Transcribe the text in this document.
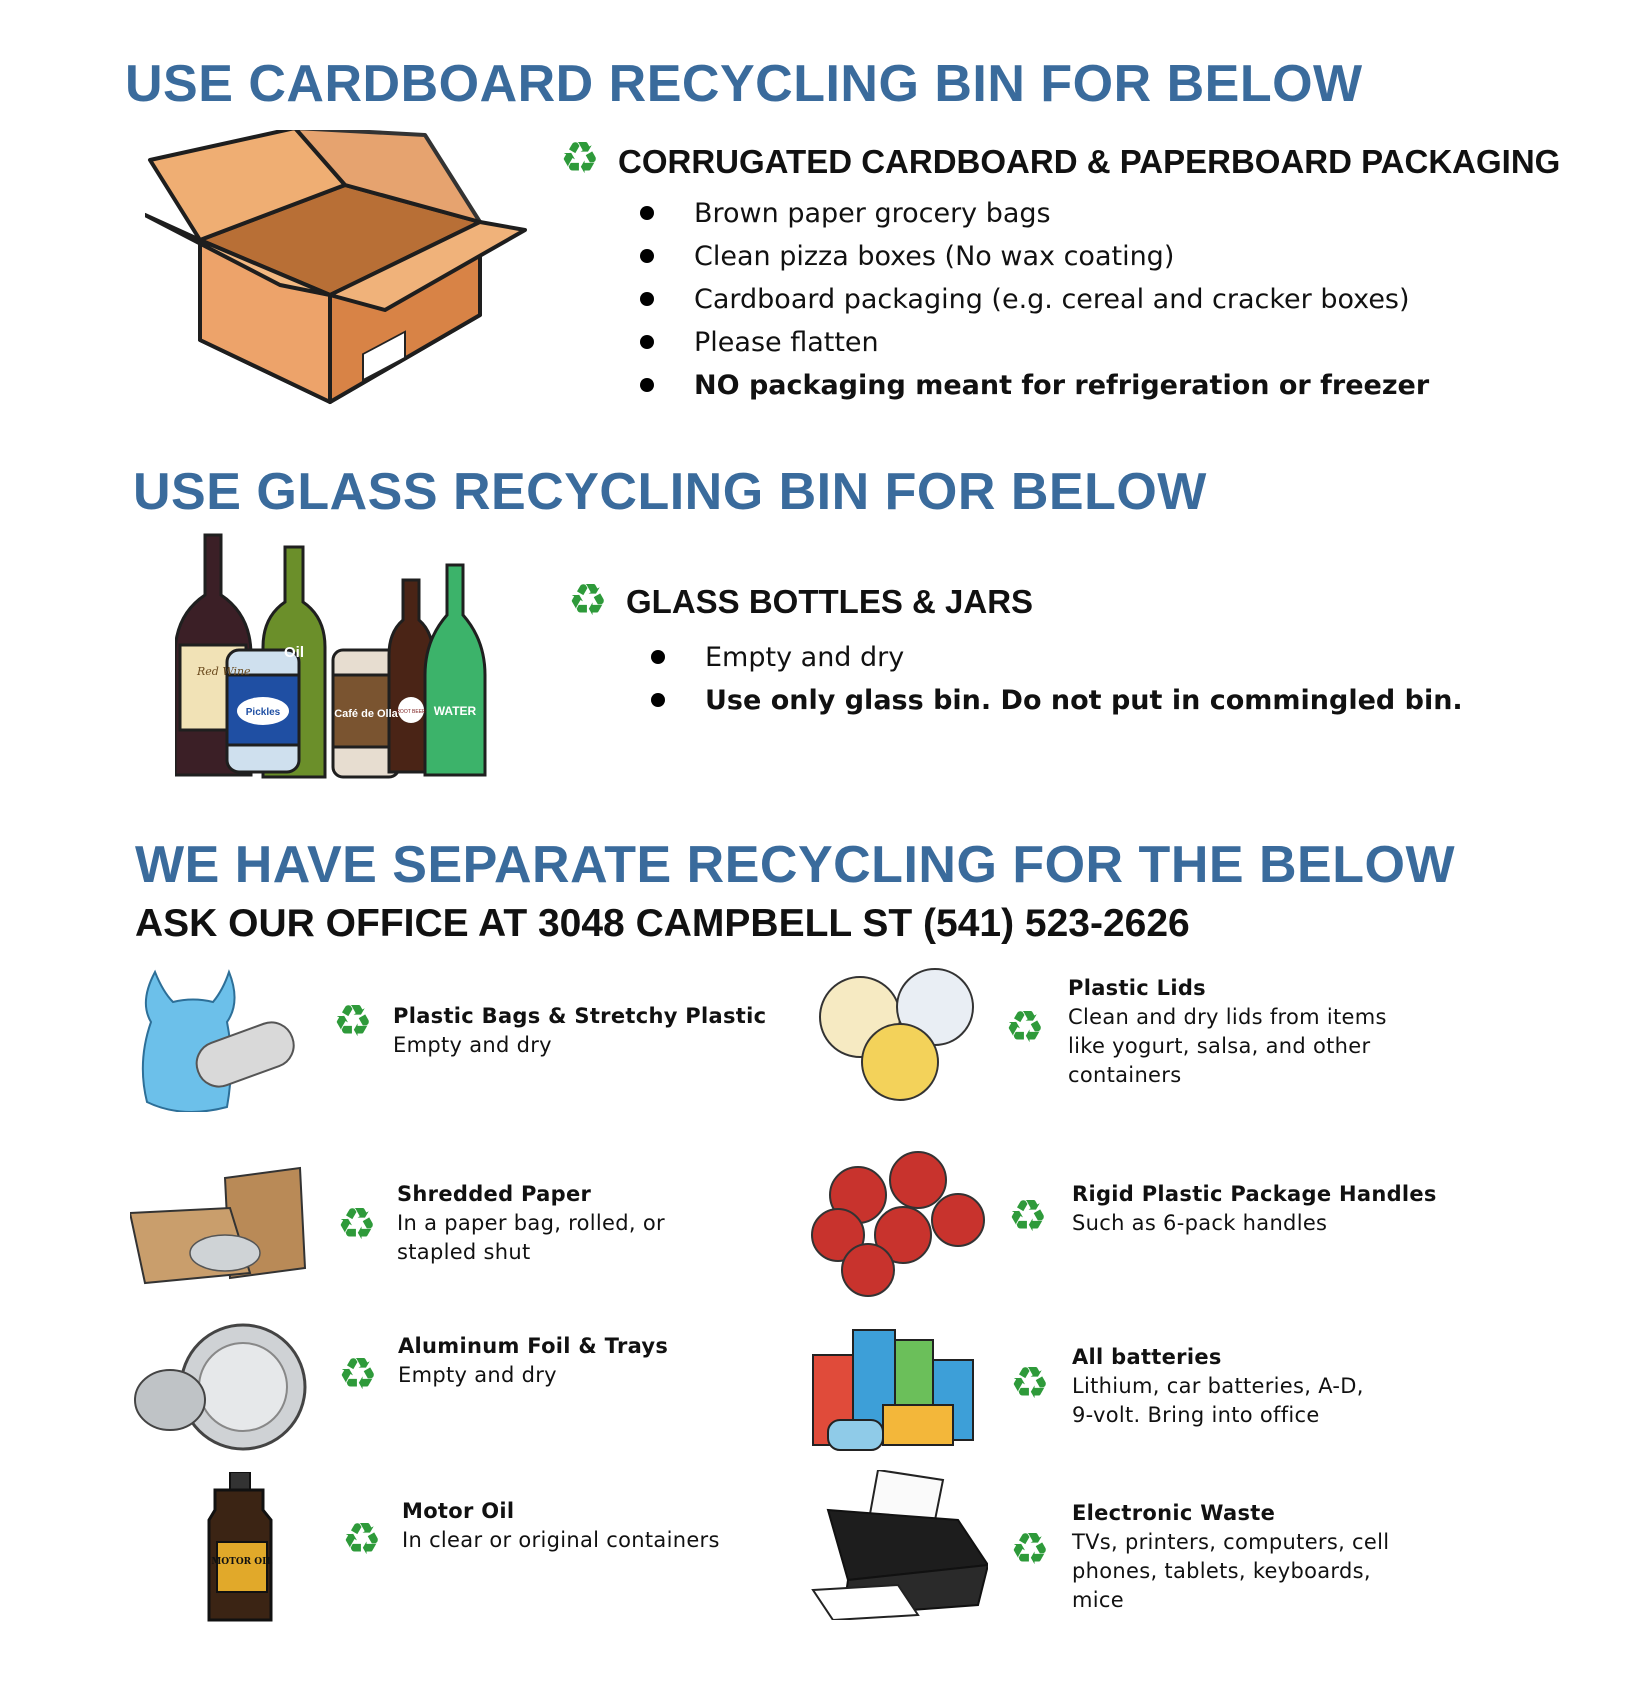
USE CARDBOARD RECYCLING BIN FOR BELOW
♻ CORRUGATED CARDBOARD & PAPERBOARD PACKAGING
Brown paper grocery bags
Clean pizza boxes (No wax coating)
Cardboard packaging (e.g. cereal and cracker boxes)
Please flatten
NO packaging meant for refrigeration or freezer
USE GLASS RECYCLING BIN FOR BELOW
Red Wine
Oil
Pickles	Café de Olla
ROOT BEER WATER
♻ GLASS BOTTLES & JARS
Empty and dry
Use only glass bin. Do not put in commingled bin.
WE HAVE SEPARATE RECYCLING FOR THE BELOW
ASK OUR OFFICE AT 3048 CAMPBELL ST (541) 523-2626
♻ Plastic Bags & Stretchy Plastic
Empty and dry	♻
Plastic Lids
Clean and dry lids from items like yogurt, salsa, and other containers
♻
Shredded Paper
In a paper bag, rolled, or stapled shut
♻ Rigid Plastic Package Handles
Such as 6-pack handles
♻
Aluminum Foil & Trays
Empty and dry	♻
All batteries
Lithium, car batteries, A-D, 9-volt. Bring into office
MOTOR OIL ♻
Motor Oil
In clear or original containers	♻
Electronic Waste
TVs, printers, computers, cell phones, tablets, keyboards, mice
